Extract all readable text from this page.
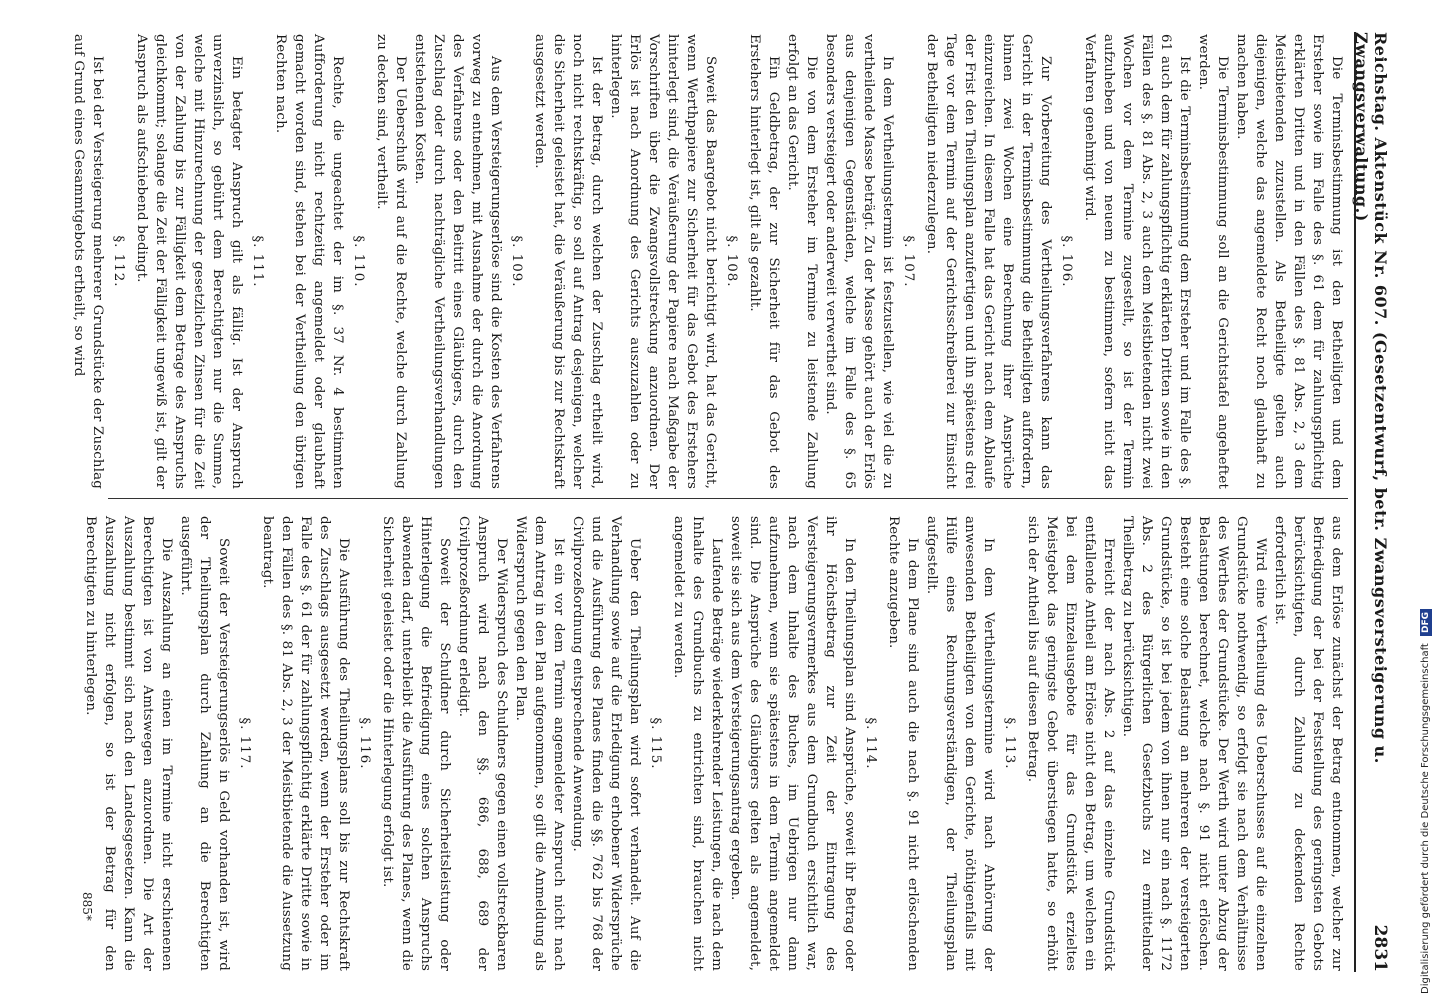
Reichstag. Aktenstück Nr. 607. (Gesetzentwurf, betr. Zwangsversteigerung u. Zwangsverwaltung.)
2831

Die Terminsbestimmung ist den Betheiligten und dem Ersteher sowie im Falle des §. 61 dem für zahlungspflichtig erklärten Dritten und in den Fällen des §. 81 Abs. 2, 3 dem Meistbietenden zuzustellen. Als Betheiligte gelten auch diejenigen, welche das angemeldete Recht noch glaubhaft zu machen haben.

Die Terminsbestimmung soll an die Gerichtstafel angeheftet werden.

Ist die Terminsbestimmung dem Ersteher und im Falle des §. 61 auch dem für zahlungspflichtig erklärten Dritten sowie in den Fällen des §. 81 Abs. 2, 3 auch dem Meistbietenden nicht zwei Wochen vor dem Termine zugestellt, so ist der Termin aufzuheben und von neuem zu bestimmen, sofern nicht das Verfahren genehmigt wird.

§. 106.

Zur Vorbereitung des Vertheilungsverfahrens kann das Gericht in der Terminsbestimmung die Betheiligten auffordern, binnen zwei Wochen eine Berechnung ihrer Ansprüche einzureichen. In diesem Falle hat das Gericht nach dem Ablaufe der Frist den Theilungsplan anzufertigen und ihn spätestens drei Tage vor dem Termin auf der Gerichtsschreiberei zur Einsicht der Betheiligten niederzulegen.

§. 107.

In dem Vertheilungstermin ist festzustellen, wie viel die zu vertheilende Masse beträgt. Zu der Masse gehört auch der Erlös aus denjenigen Gegenständen, welche im Falle des §. 65 besonders versteigert oder anderweit verwerthet sind.

Die von dem Ersteher im Termine zu leistende Zahlung erfolgt an das Gericht.

Ein Geldbetrag, der zur Sicherheit für das Gebot des Erstehers hinterlegt ist, gilt als gezahlt.

§. 108.

Soweit das Baargebot nicht berichtigt wird, hat das Gericht, wenn Werthpapiere zur Sicherheit für das Gebot des Erstehers hinterlegt sind, die Veräußerung der Papiere nach Maßgabe der Vorschriften über die Zwangsvollstreckung anzuordnen. Der Erlös ist nach Anordnung des Gerichts auszuzahlen oder zu hinterlegen.

Ist der Betrag, durch welchen der Zuschlag ertheilt wird, noch nicht rechtskräftig, so soll auf Antrag desjenigen, welcher die Sicherheit geleistet hat, die Veräußerung bis zur Rechtskraft ausgesetzt werden.

§. 109.

Aus dem Versteigerungserlöse sind die Kosten des Verfahrens vorweg zu entnehmen, mit Ausnahme der durch die Anordnung des Verfahrens oder den Beitritt eines Gläubigers, durch den Zuschlag oder durch nachträgliche Vertheilungsverhandlungen entstehenden Kosten.

Der Ueberschuß wird auf die Rechte, welche durch Zahlung zu decken sind, vertheilt.

§. 110.

Rechte, die ungeachtet der im §. 37 Nr. 4 bestimmten Aufforderung nicht rechtzeitig angemeldet oder glaubhaft gemacht worden sind, stehen bei der Vertheilung den übrigen Rechten nach.

§. 111.

Ein betagter Anspruch gilt als fällig. Ist der Anspruch unverzinslich, so gebührt dem Berechtigten nur die Summe, welche mit Hinzurechnung der gesetzlichen Zinsen für die Zeit von der Zahlung bis zur Fälligkeit dem Betrage des Anspruchs gleichkommt; solange die Zeit der Fälligkeit ungewiß ist, gilt der Anspruch als aufschiebend bedingt.

§. 112.

Ist bei der Versteigerung mehrerer Grundstücke der Zuschlag auf Grund eines Gesammtgebots ertheilt, so wird

aus dem Erlöse zunächst der Betrag entnommen, welcher zur Befriedigung der bei der Feststellung des geringsten Gebots berücksichtigten, durch Zahlung zu deckenden Rechte erforderlich ist.

Wird eine Vertheilung des Ueberschusses auf die einzelnen Grundstücke nothwendig, so erfolgt sie nach dem Verhältnisse des Werthes der Grundstücke. Der Werth wird unter Abzug der Belastungen berechnet, welche nach §. 91 nicht erlöschen. Besteht eine solche Belastung an mehreren der versteigerten Grundstücke, so ist bei jedem von ihnen nur ein nach §. 1172 Abs. 2 des Bürgerlichen Gesetzbuchs zu ermittelnder Theilbetrag zu berücksichtigen.

Erreicht der nach Abs. 2 auf das einzelne Grundstück entfallende Antheil am Erlöse nicht den Betrag, um welchen ein bei dem Einzelausgebote für das Grundstück erzieltes Meistgebot das geringste Gebot überstiegen hatte, so erhöht sich der Antheil bis auf diesen Betrag.

§. 113.

In dem Vertheilungstermine wird nach Anhörung der anwesenden Betheiligten von dem Gerichte, nöthigenfalls mit Hülfe eines Rechnungsverständigen, der Theilungsplan aufgestellt.

In dem Plane sind auch die nach §. 91 nicht erlöschenden Rechte anzugeben.

§. 114.

In den Theilungsplan sind Ansprüche, soweit ihr Betrag oder ihr Höchstbetrag zur Zeit der Eintragung des Versteigerungsvermerkes aus dem Grundbuch ersichtlich war, nach dem Inhalte des Buches, im Uebrigen nur dann aufzunehmen, wenn sie spätestens in dem Termin angemeldet sind. Die Ansprüche des Gläubigers gelten als angemeldet, soweit sie sich aus dem Versteigerungsantrag ergeben.

Laufende Beträge wiederkehrender Leistungen, die nach dem Inhalte des Grundbuchs zu entrichten sind, brauchen nicht angemeldet zu werden.

§. 115.

Ueber den Theilungsplan wird sofort verhandelt. Auf die Verhandlung sowie auf die Erledigung erhobener Widersprüche und die Ausführung des Planes finden die §§. 762 bis 768 der Civilprozeßordnung entsprechende Anwendung.

Ist ein vor dem Termin angemeldeter Anspruch nicht nach dem Antrag in den Plan aufgenommen, so gilt die Anmeldung als Widerspruch gegen den Plan.

Der Widerspruch des Schuldners gegen einen vollstreckbaren Anspruch wird nach den §§. 686, 688, 689 der Civilprozeßordnung erledigt.

Soweit der Schuldner durch Sicherheitsleistung oder Hinterlegung die Befriedigung eines solchen Anspruchs abwenden darf, unterbleibt die Ausführung des Planes, wenn die Sicherheit geleistet oder die Hinterlegung erfolgt ist.

§. 116.

Die Ausführung des Theilungsplans soll bis zur Rechtskraft des Zuschlags ausgesetzt werden, wenn der Ersteher oder im Falle des §. 61 der für zahlungspflichtig erklärte Dritte sowie in den Fällen des §. 81 Abs. 2, 3 der Meistbietende die Aussetzung beantragt.

§. 117.

Soweit der Versteigerungserlös in Geld vorhanden ist, wird der Theilungsplan durch Zahlung an die Berechtigten ausgeführt.

Die Auszahlung an einen im Termine nicht erschienenen Berechtigten ist von Amtswegen anzuordnen. Die Art der Auszahlung bestimmt sich nach den Landesgesetzen. Kann die Auszahlung nicht erfolgen, so ist der Betrag für den Berechtigten zu hinterlegen.

885*	Digitalisierung gefördert durch die Deutsche Forschungsgemeinschaft DFG
